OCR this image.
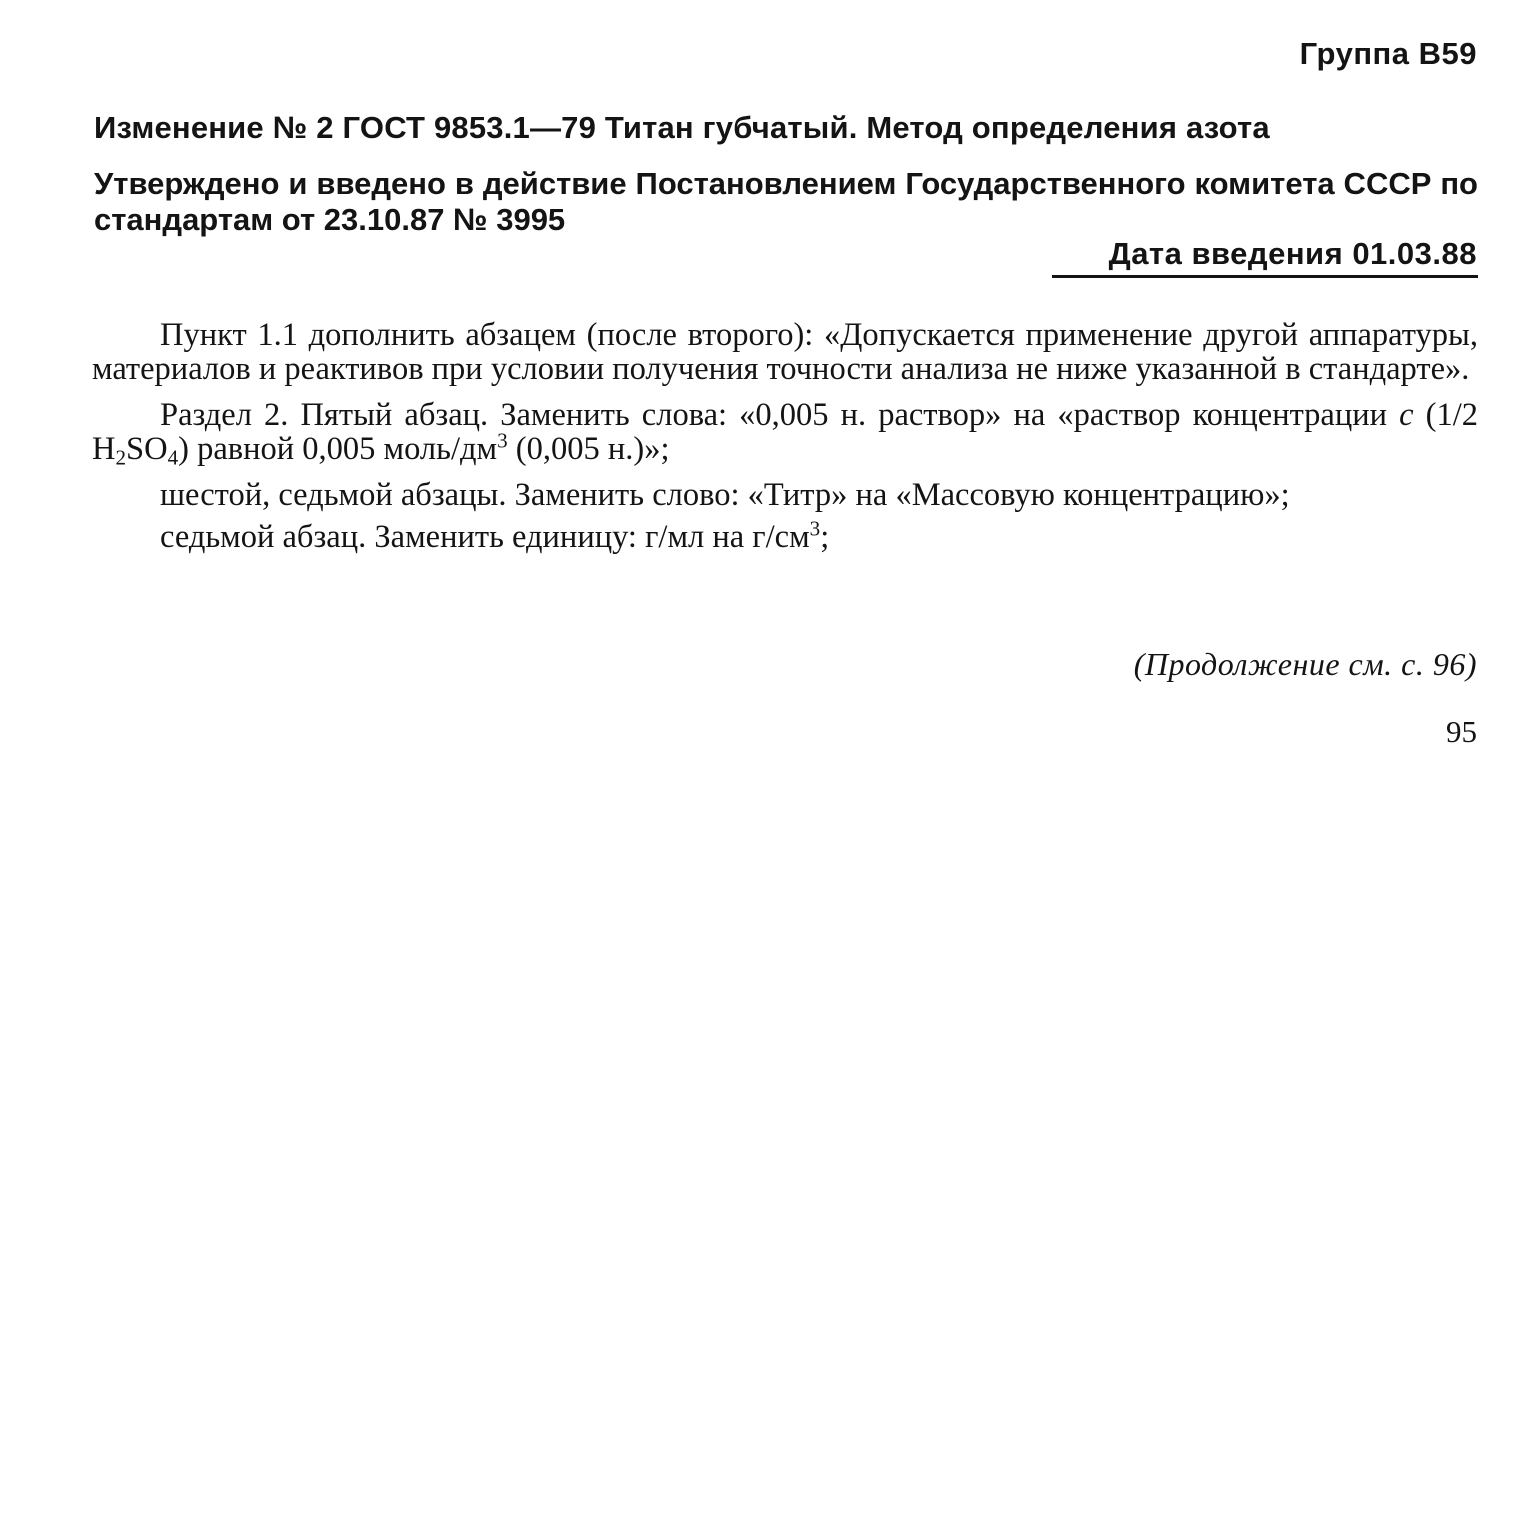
Группа В59
Изменение № 2 ГОСТ 9853.1—79 Титан губчатый. Метод определения азота
Утверждено и введено в действие Постановлением Государственного комитета СССР по стандартам от 23.10.87 № 3995
Дата введения 01.03.88

Пункт 1.1 дополнить абзацем (после второго): «Допускается применение другой аппаратуры, материалов и реактивов при условии получения точности анализа не ниже указанной в стандарте».

Раздел 2. Пятый абзац. Заменить слова: «0,005 н. раствор» на «раствор концентрации с (1/2 $H_2SO_4$) равной 0,005 моль/$дм^3$ (0,005 н.)»;

шестой, седьмой абзацы. Заменить слово: «Титр» на «Массовую концентрацию»;

седьмой абзац. Заменить единицу: г/мл на $г/см^3$;

(Продолжение см. с. 96)
95
